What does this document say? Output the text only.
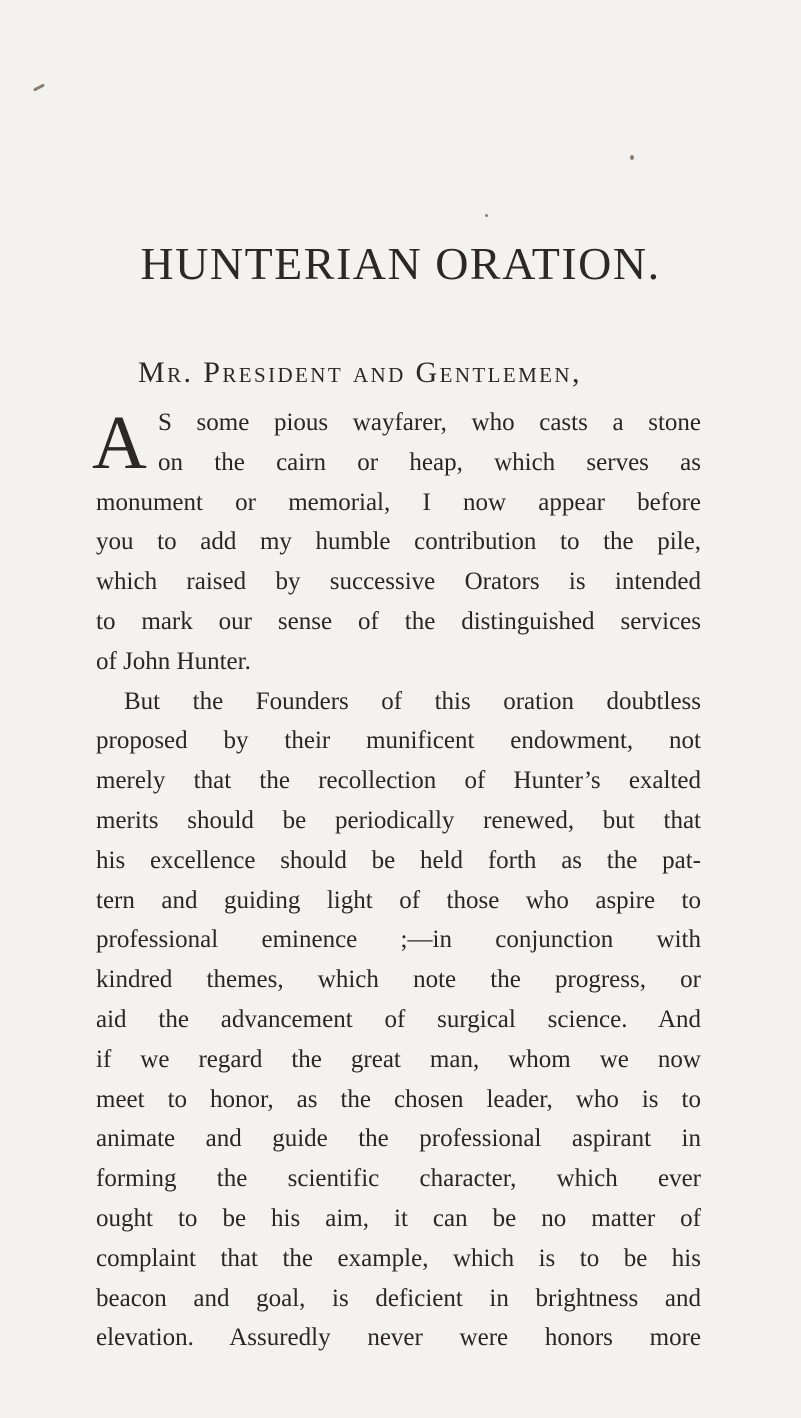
HUNTERIAN ORATION.

Mr. President and Gentlemen,

A S some pious wayfarer, who casts a stone
on the cairn or heap, which serves as
monument or memorial, I now appear before
you to add my humble contribution to the pile,
which raised by successive Orators is intended
to mark our sense of the distinguished services
of John Hunter.
But the Founders of this oration doubtless
proposed by their munificent endowment, not
merely that the recollection of Hunter’s exalted
merits should be periodically renewed, but that
his excellence should be held forth as the pat-
tern and guiding light of those who aspire to
professional eminence ;—in conjunction with
kindred themes, which note the progress, or
aid the advancement of surgical science. And
if we regard the great man, whom we now
meet to honor, as the chosen leader, who is to
animate and guide the professional aspirant in
forming the scientific character, which ever
ought to be his aim, it can be no matter of
complaint that the example, which is to be his
beacon and goal, is deficient in brightness and
elevation. Assuredly never were honors more
